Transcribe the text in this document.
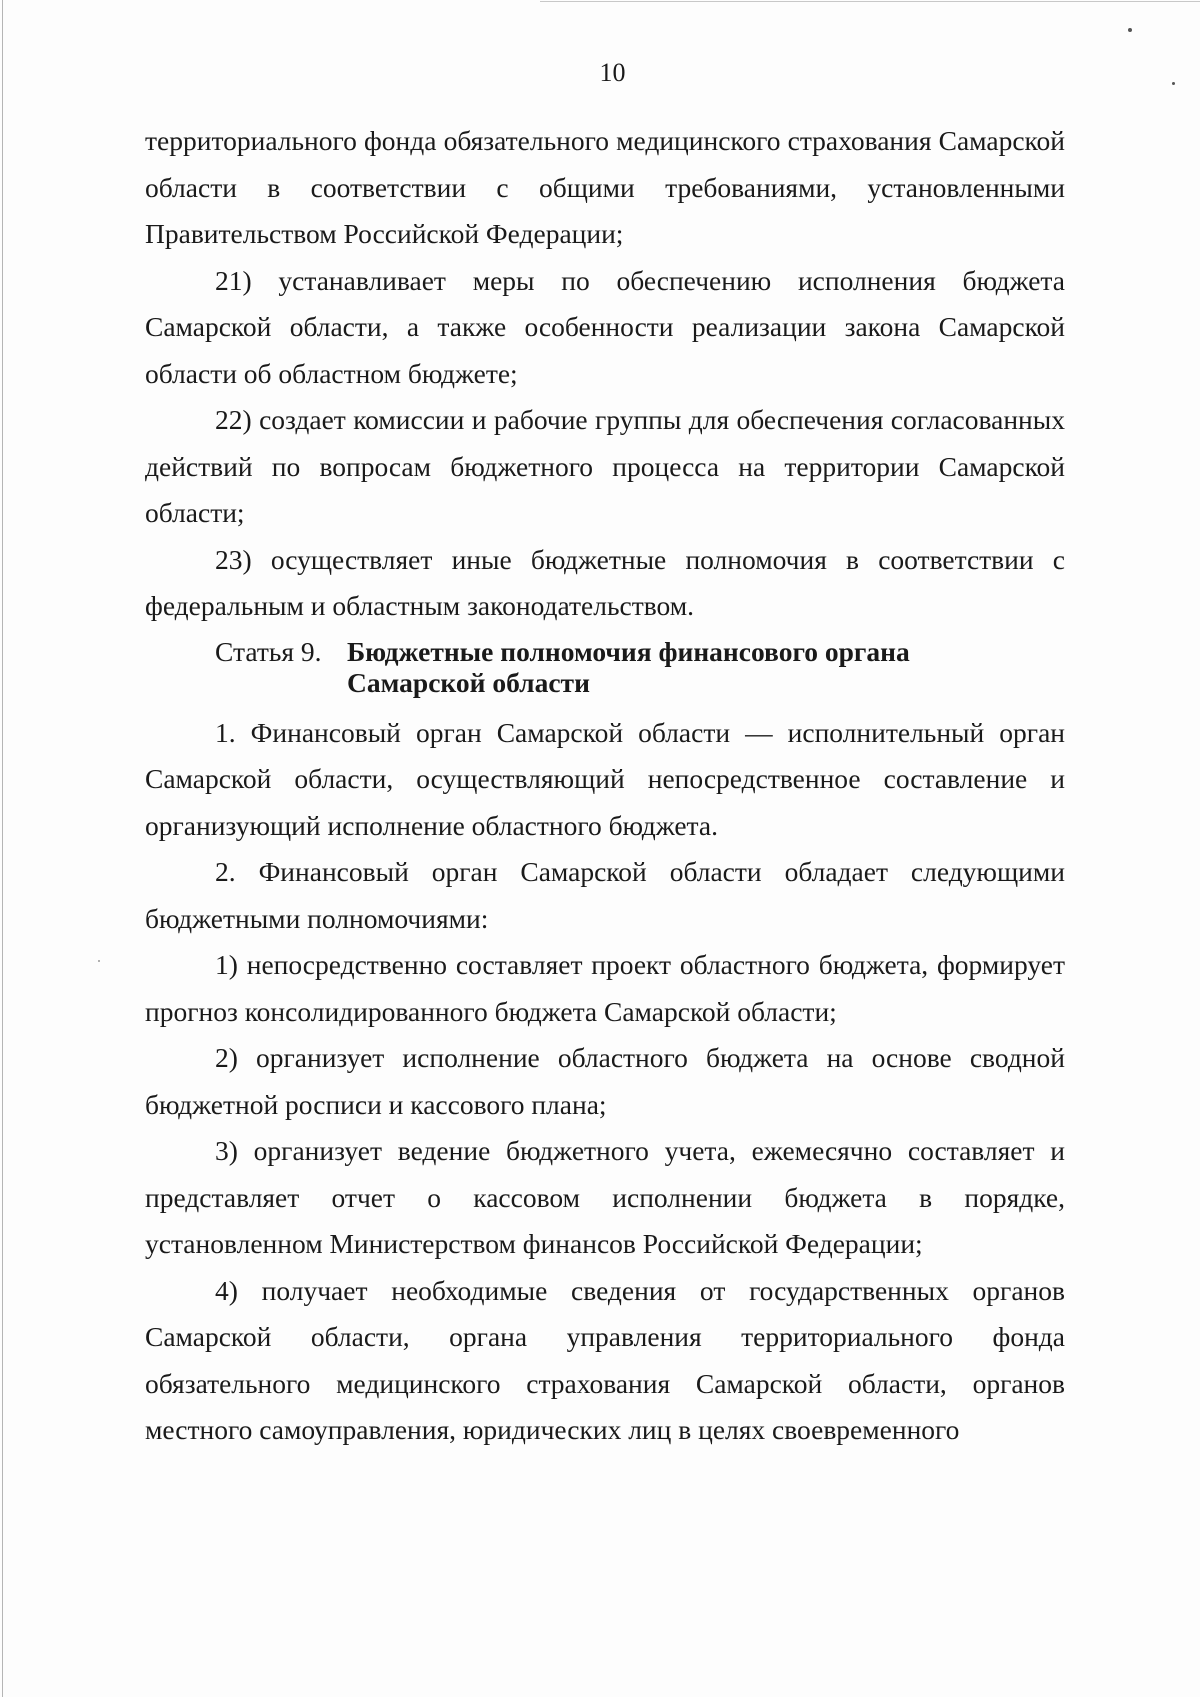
10

территориального фонда обязательного медицинского страхования Самарской области в соответствии с общими требованиями, установленными Правительством Российской Федерации;

21) устанавливает меры по обеспечению исполнения бюджета Самарской области, а также особенности реализации закона Самарской области об областном бюджете;

22) создает комиссии и рабочие группы для обеспечения согласованных действий по вопросам бюджетного процесса на территории Самарской области;

23) осуществляет иные бюджетные полномочия в соответствии с федеральным и областным законодательством.

Статья 9. Бюджетные полномочия финансового органа Самарской области

1. Финансовый орган Самарской области — исполнительный орган Самарской области, осуществляющий непосредственное составление и организующий исполнение областного бюджета.

2. Финансовый орган Самарской области обладает следующими бюджетными полномочиями:

1) непосредственно составляет проект областного бюджета, формирует прогноз консолидированного бюджета Самарской области;

2) организует исполнение областного бюджета на основе сводной бюджетной росписи и кассового плана;

3) организует ведение бюджетного учета, ежемесячно составляет и представляет отчет о кассовом исполнении бюджета в порядке, установленном Министерством финансов Российской Федерации;

4) получает необходимые сведения от государственных органов Самарской области, органа управления территориального фонда обязательного медицинского страхования Самарской области, органов местного самоуправления, юридических лиц в целях своевременного
